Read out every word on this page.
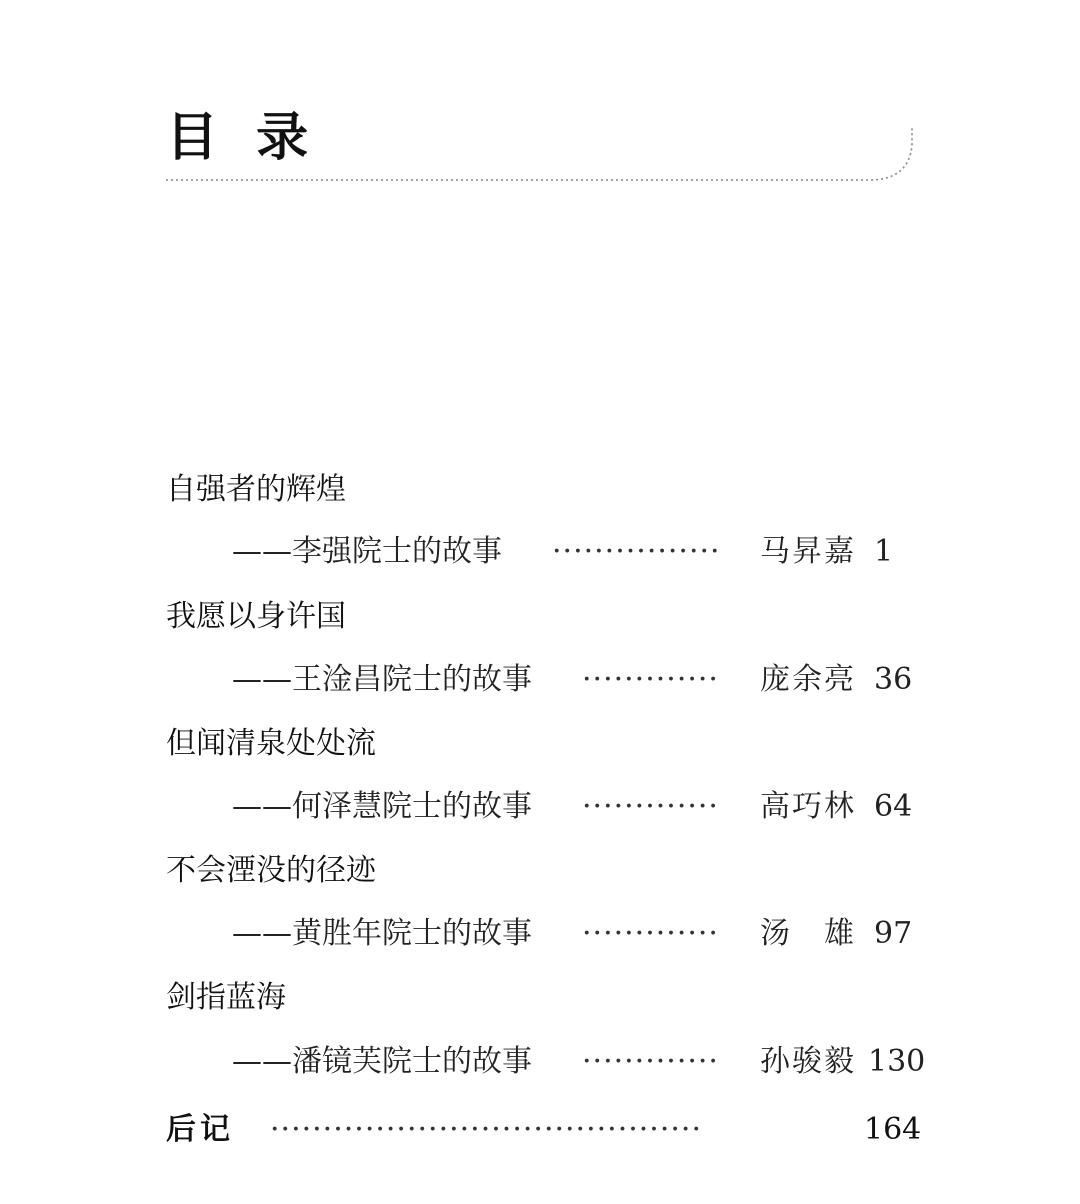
目 录
自强者的辉煌
——李强院士的故事 ················ 马昇嘉 1
我愿以身许国
——王淦昌院士的故事 ············· 庞余亮 36
但闻清泉处处流
——何泽慧院士的故事 ············· 高巧林 64
不会湮没的径迹
——黄胜年院士的故事 ············· 汤　雄 97
剑指蓝海
——潘镜芙院士的故事 ············· 孙骏毅 130
后记 ·········································	164
